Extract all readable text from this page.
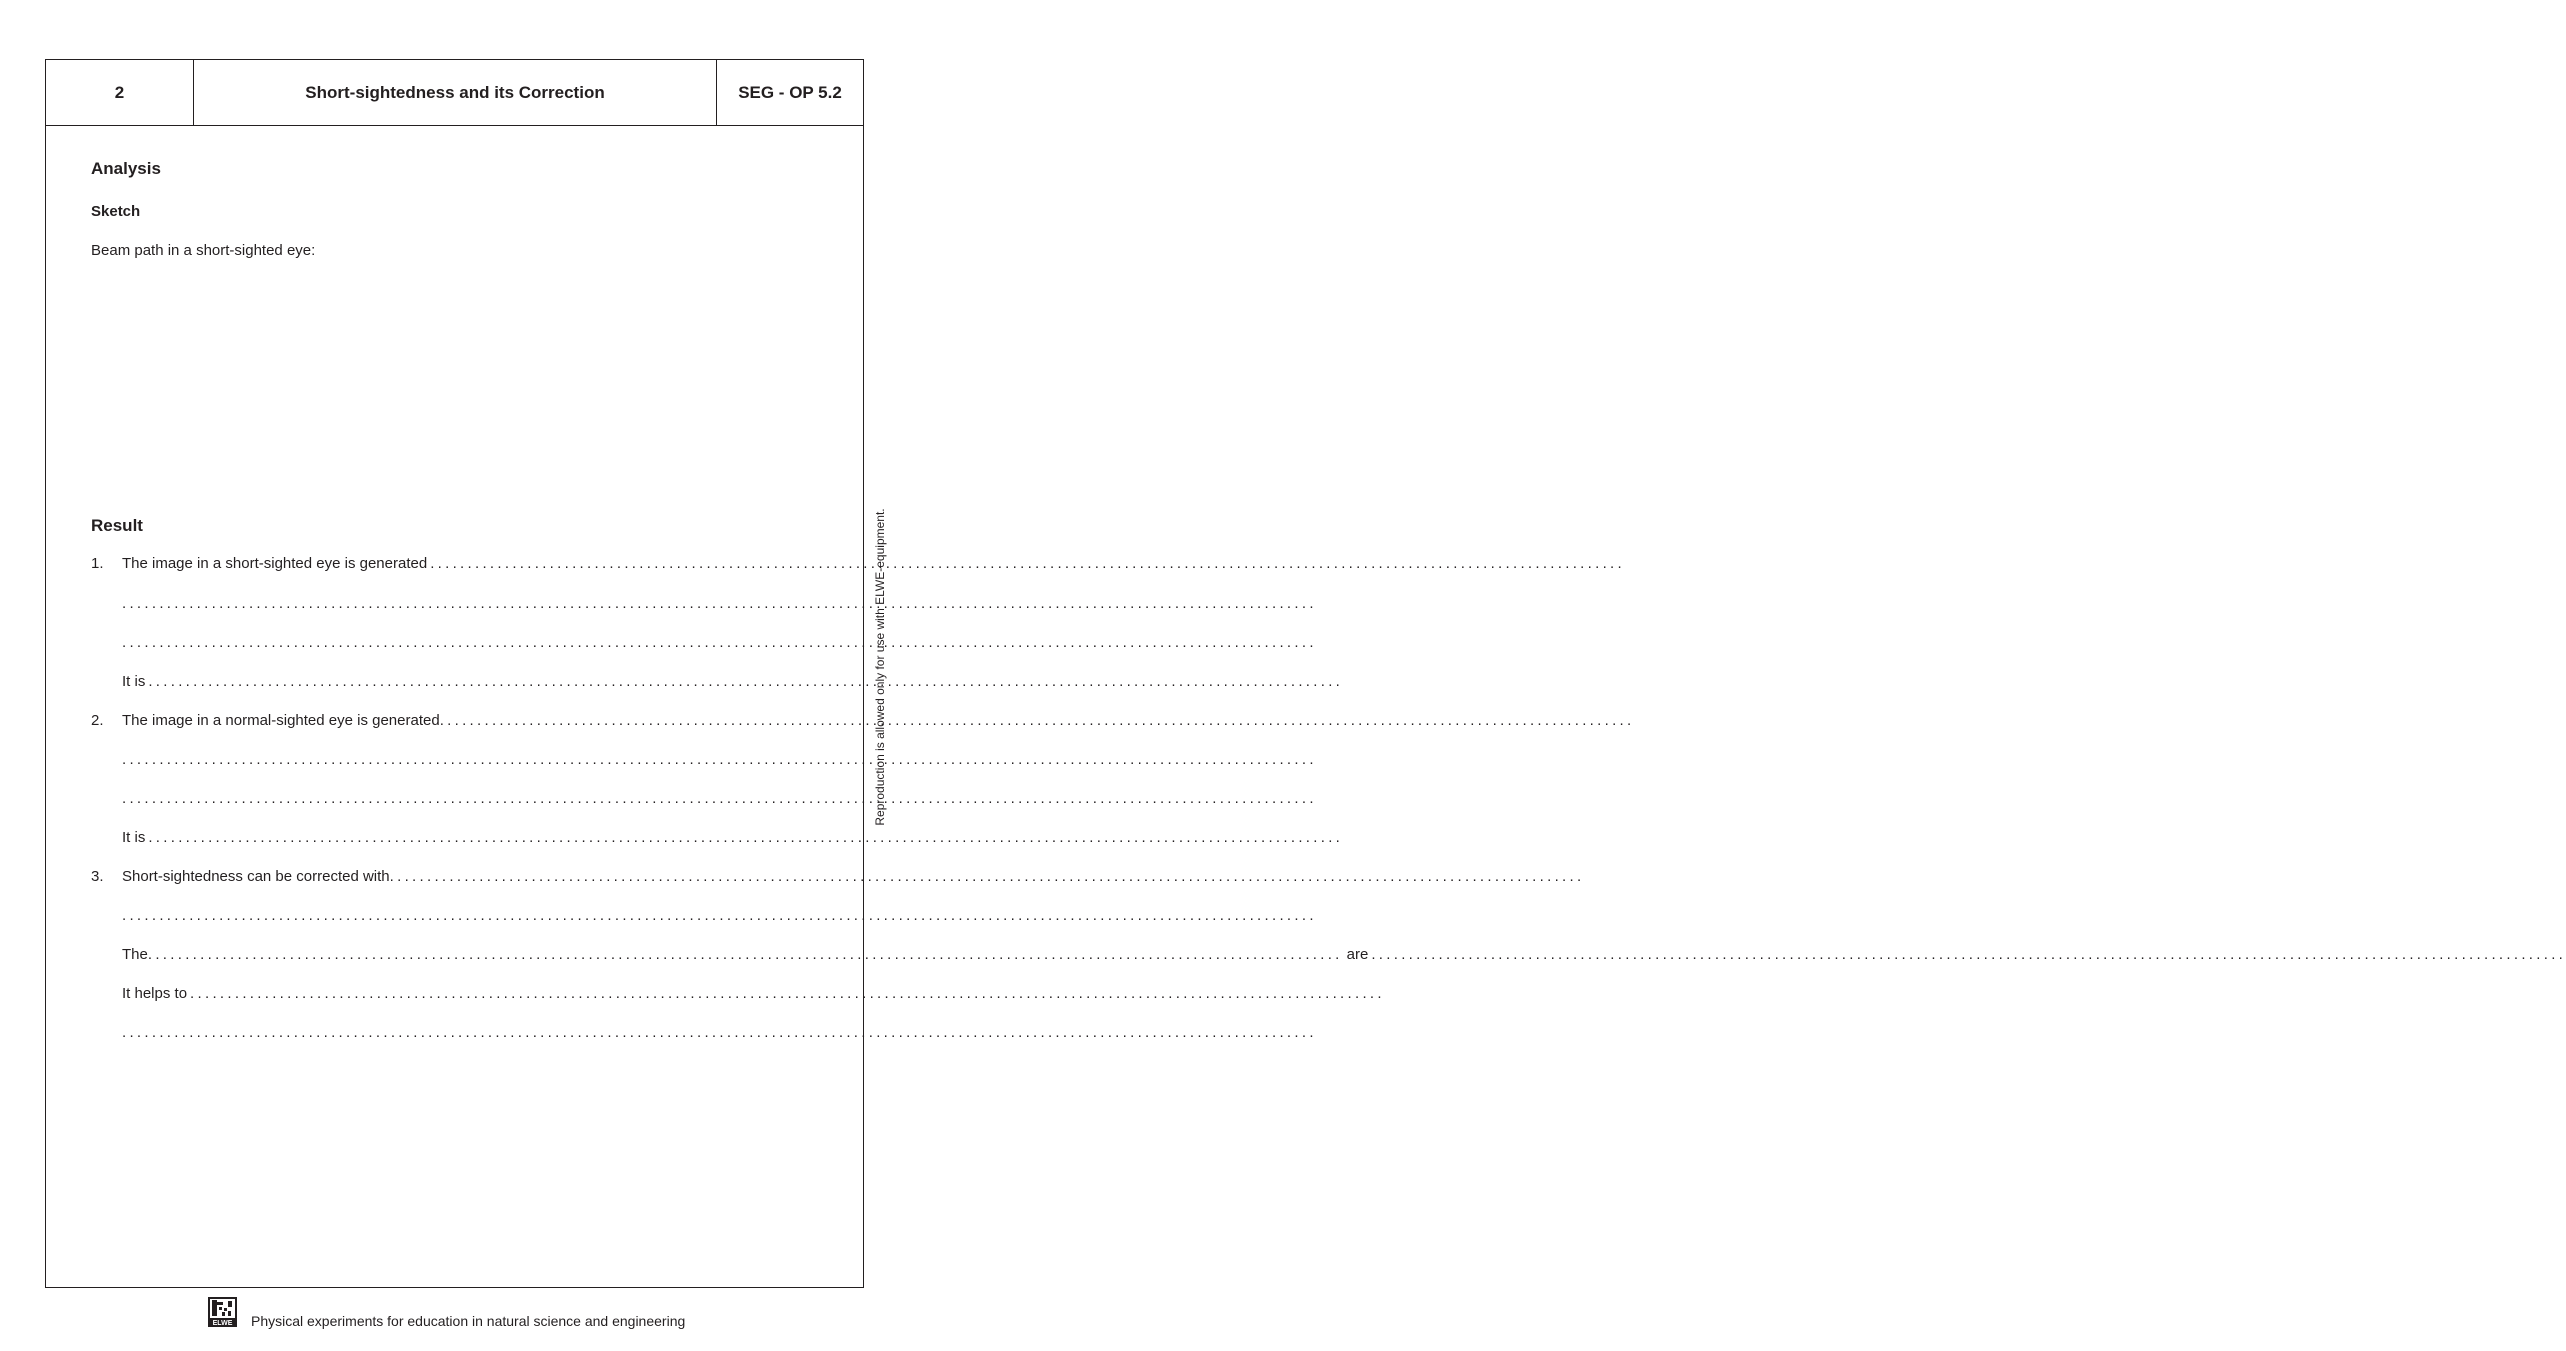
2	Short-sightedness and its Correction	SEG - OP 5.2
Analysis
Sketch
Beam path in a short-sighted eye:
Result
1. The image in a short-sighted eye is generated ................................................................................................................................................................
................................................................................................................................................................
................................................................................................................................................................
It is ................................................................................................................................................................
2. The image in a normal-sighted eye is generated ................................................................................................................................................................
................................................................................................................................................................
................................................................................................................................................................
It is ................................................................................................................................................................
3. Short-sightedness can be corrected with ................................................................................................................................................................
................................................................................................................................................................
The ................................................................................................................................................................ are ................................................................................................................................................................
It helps to ................................................................................................................................................................
................................................................................................................................................................
Reproduction is allowed only for use with ELWE-equipment.
ELWE Physical experiments for education in natural science and engineering
